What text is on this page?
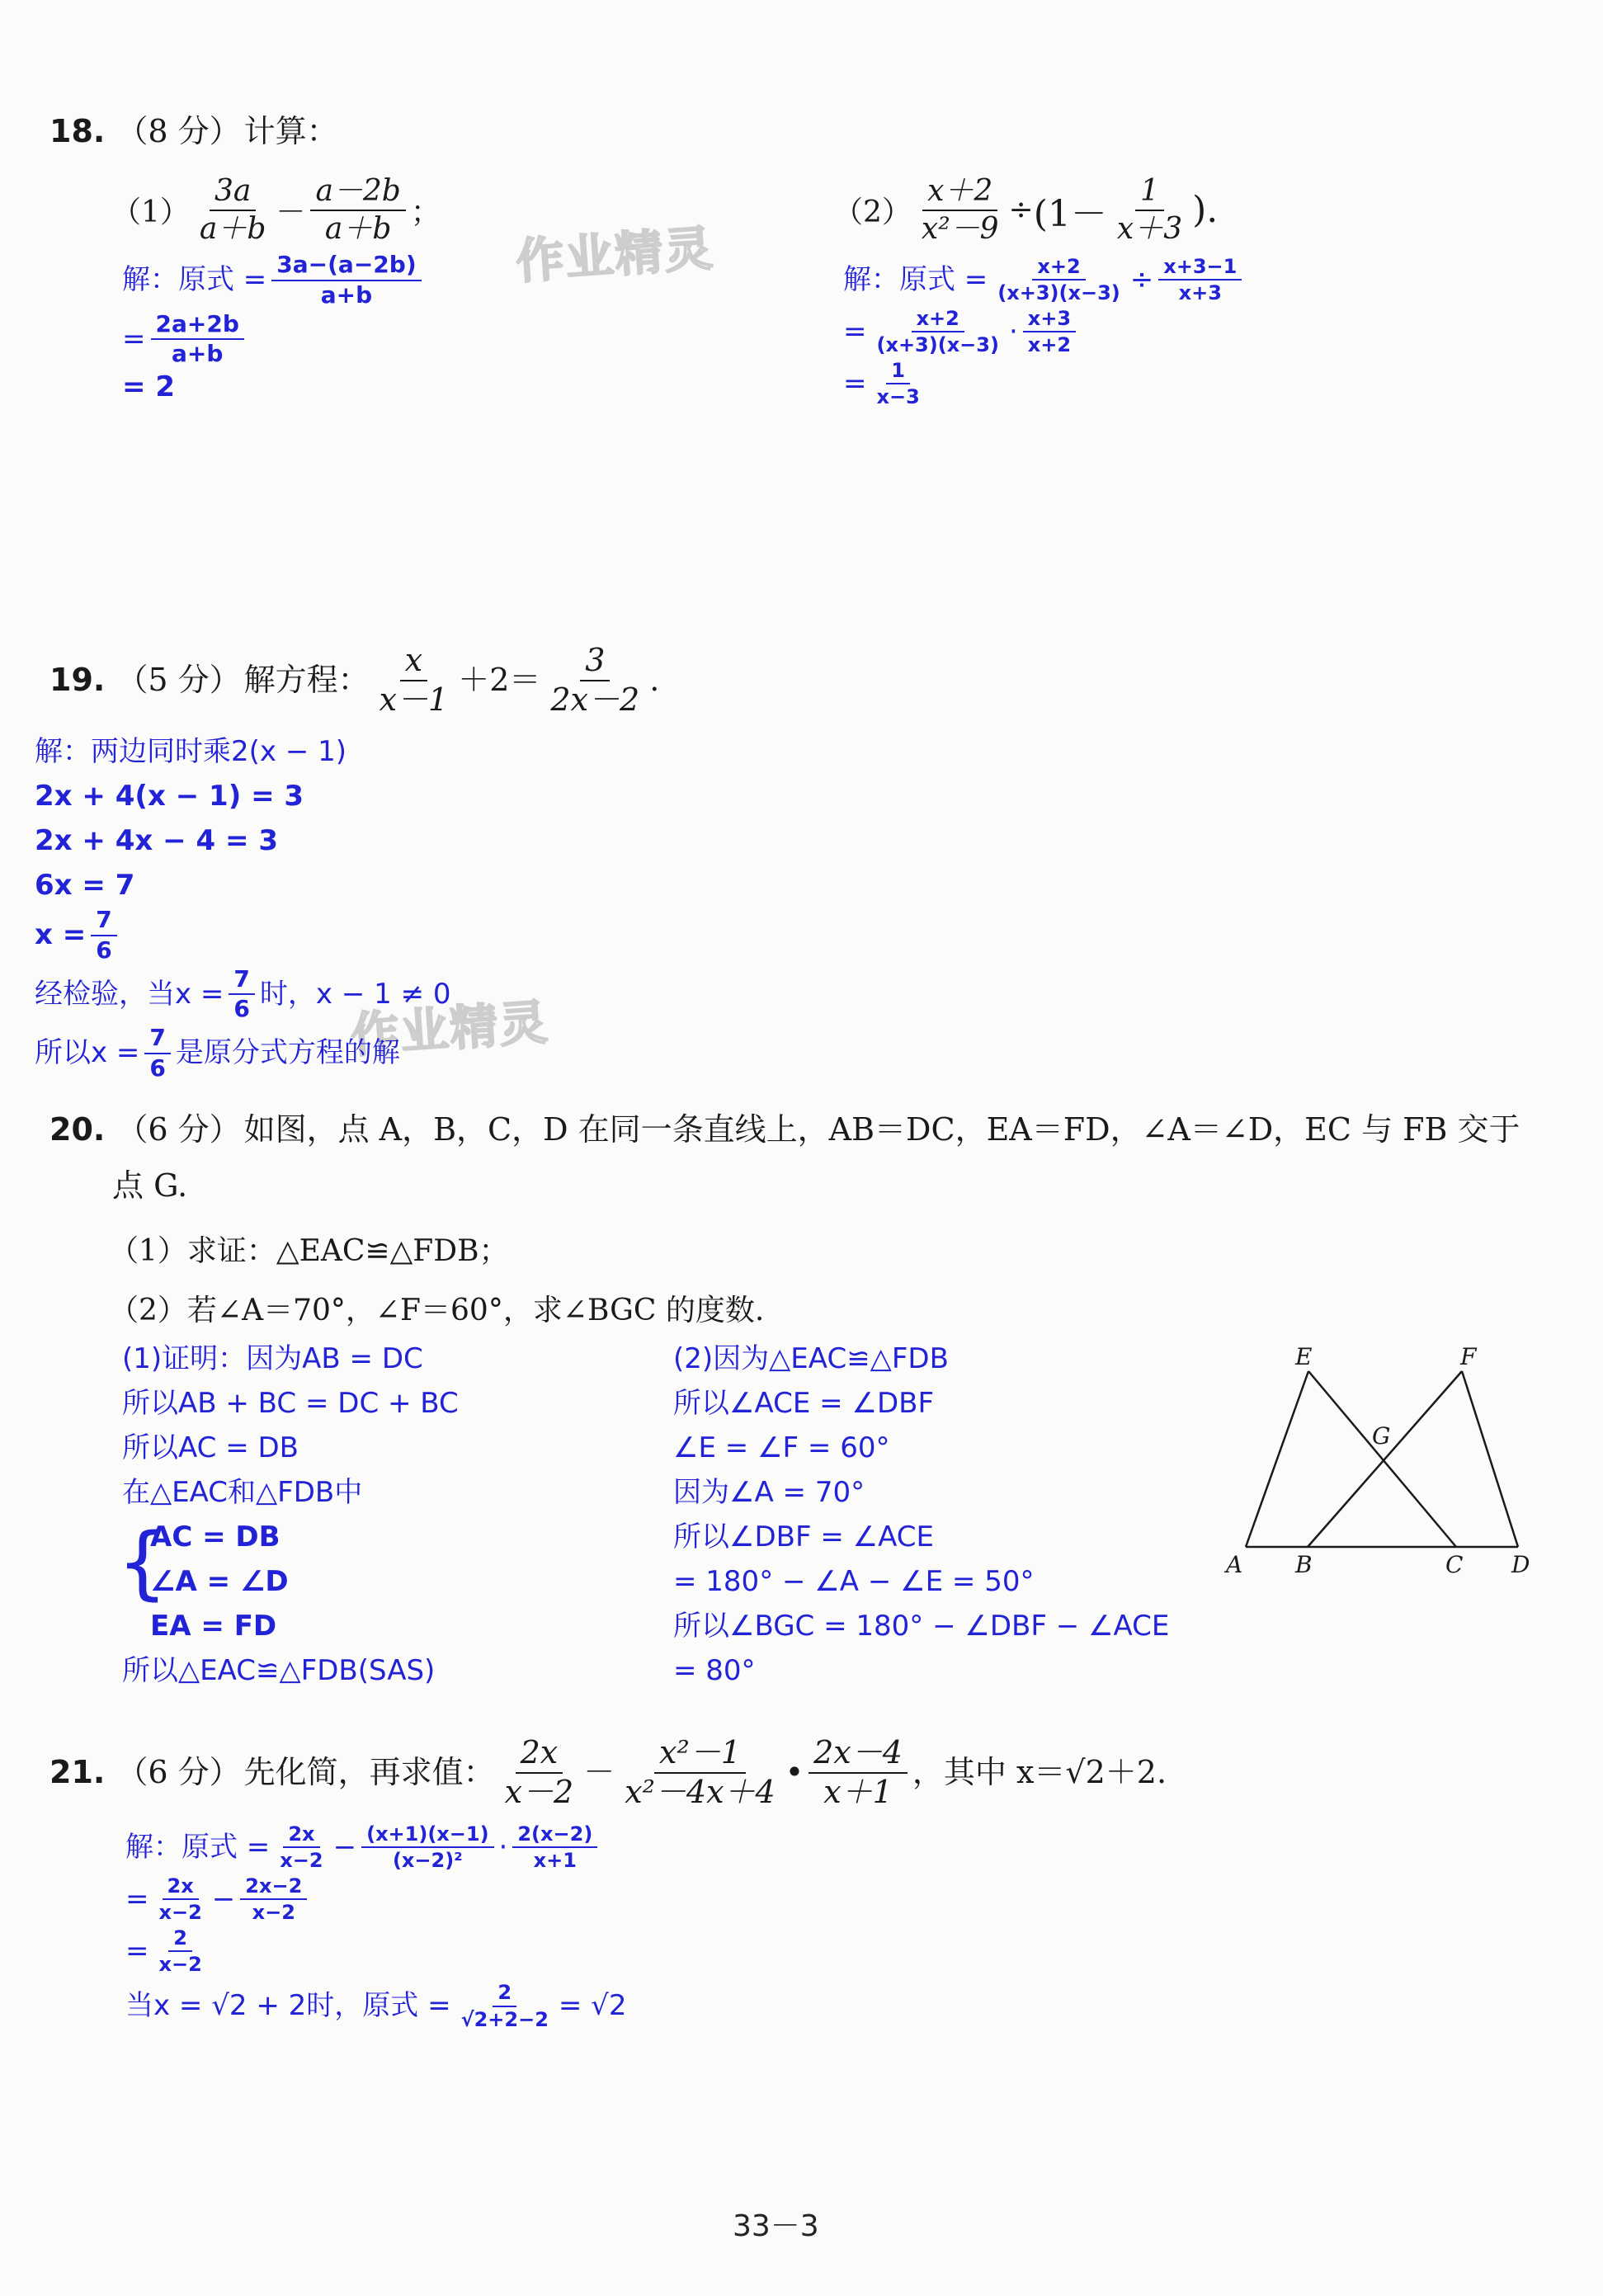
作业精灵
作业精灵
18. （8 分） 计算：
$(1) \frac{3a}{a+b} - \frac{a-2b}{a+b}$ ；
解：原式 = $\frac{3a-(a-2b)}{a+b}$
= $\frac{2a+2b}{a+b}$
= 2
$(2) \frac{x+2}{\text{x²－9}} \div (1- \frac{1}{x+3}$ ).
解：原式 = $\frac{x+2}{(x+3)(x-3)} \div \frac{x+3-1}{x+3}$
= $\frac{x+2}{(x+3)(x-3)} \cdot \frac{x+3}{x+2}$
= $\frac{1}{x-3}$
19. （5 分） 解方程： $\frac{x}{x-1} +2= \frac{3}{2x-2}$ .
解：两边同时乘2(x − 1)
2x + 4(x − 1) = 3
2x + 4x − 4 = 3
6x = 7
$x = \frac{7}{6}$
经检验，当$x = \frac{7}{6}$ 时，x − 1 ≠ 0
所以$x = \frac{7}{6}$ 是原分式方程的解
20. （6 分） 如图，点 A，B，C，D 在同一条直线上，AB＝DC，EA＝FD，∠A＝∠D，EC 与 FB 交于
点 G.
（1）求证：△EAC≌△FDB；
（2）若∠A＝70°，∠F＝60°，求∠BGC 的度数.
(1)证明：因为AB = DC
所以AB + BC = DC + BC
所以AC = DB
在△EAC和△FDB中
{
AC = DB
∠A = ∠D
EA = FD
所以△EAC≌△FDB(SAS)
(2)因为△EAC≌△FDB
所以∠ACE = ∠DBF
∠E = ∠F = 60°
因为∠A = 70°
所以∠DBF = ∠ACE
= 180° − ∠A − ∠E = 50°
所以∠BGC = 180° − ∠DBF − ∠ACE
= 80°
E	F
G
A B	C D
21. （6 分） 先化简，再求值： $\frac{2x}{x-2} - \frac{\text{x²－1}}{\text{x²－4x＋4}}$ • $\frac{2x-4}{x+1}$ ，其中 x＝√2＋2.
解：原式 = $\frac{2x}{x-2} - \frac{(x+1)(x-1)}{\text{(x−2)²}} \cdot \frac{2(x-2)}{x+1}$
= $\frac{2x}{x-2} - \frac{2x-2}{x-2}$
= $\frac{2}{x-2}$
当x = √2 + 2时，原式 = $\frac{2}{√2+2-2} = √2$
33－3
